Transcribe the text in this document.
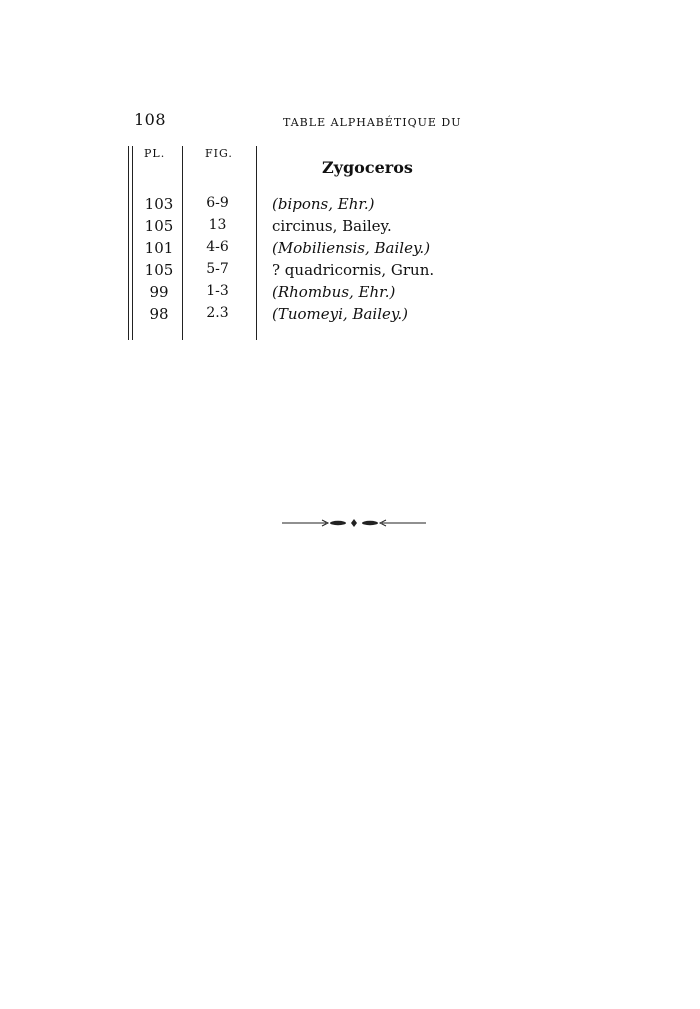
108	TABLE ALPHABÉTIQUE DU
PL.	FIG.
Zygoceros
103	6-9	(bipons, Ehr.)
105	13	circinus, Bailey.
101	4-6	(Mobiliensis, Bailey.)
105	5-7	? quadricornis, Grun.
99	1-3	(Rhombus, Ehr.)
98	2.3	(Tuomeyi, Bailey.)
